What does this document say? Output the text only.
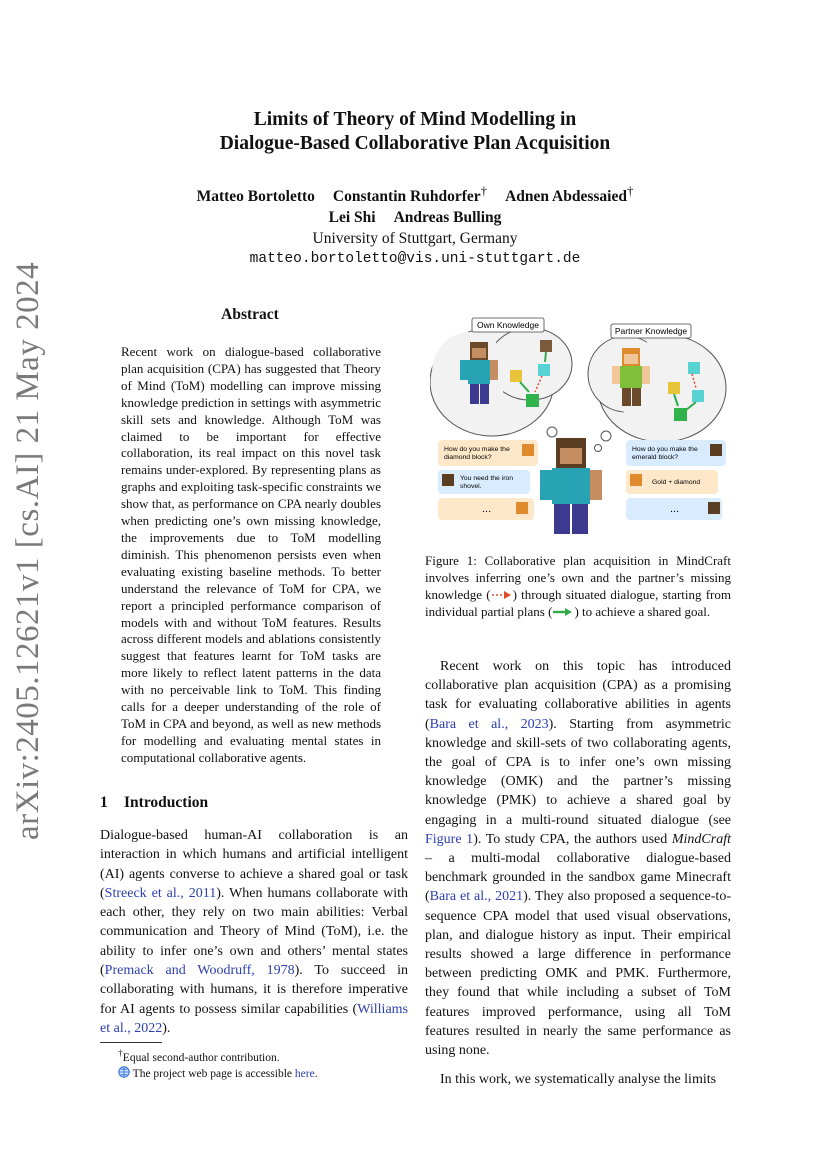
arXiv:2405.12621v1 [cs.AI] 21 May 2024
Limits of Theory of Mind Modelling in
Dialogue-Based Collaborative Plan Acquisition
Matteo Bortoletto Constantin Ruhdorfer† Adnen Abdessaied†
Lei Shi Andreas Bulling
University of Stuttgart, Germany
matteo.bortoletto@vis.uni-stuttgart.de
Abstract
Recent work on dialogue-based collaborative plan acquisition (CPA) has suggested that Theory of Mind (ToM) modelling can improve missing knowledge prediction in settings with asymmetric skill sets and knowledge. Although ToM was claimed to be important for effective collaboration, its real impact on this novel task remains under-explored. By representing plans as graphs and exploiting task-specific constraints we show that, as performance on CPA nearly doubles when predicting one’s own missing knowledge, the improvements due to ToM modelling diminish. This phenomenon persists even when evaluating existing baseline methods. To better understand the relevance of ToM for CPA, we report a principled performance comparison of models with and without ToM features. Results across different models and ablations consistently suggest that features learnt for ToM tasks are more likely to reflect latent patterns in the data with no perceivable link to ToM. This finding calls for a deeper understanding of the role of ToM in CPA and beyond, as well as new methods for modelling and evaluating mental states in computational collaborative agents.
1 Introduction
Dialogue-based human-AI collaboration is an interaction in which humans and artificial intelligent (AI) agents converse to achieve a shared goal or task (Streeck et al., 2011). When humans collaborate with each other, they rely on two main abilities: Verbal communication and Theory of Mind (ToM), i.e. the ability to infer one’s own and others’ mental states (Premack and Woodruff, 1978). To succeed in collaborating with humans, it is therefore imperative for AI agents to possess similar capabilities (Williams et al., 2022).
†Equal second-author contribution.
The project web page is accessible here.
Own Knowledge
Partner Knowledge
How do you make the diamond block?
You need the iron shovel.
...
How do you make the emerald block?
Gold + diamond
...
Figure 1: Collaborative plan acquisition in MindCraft involves inferring one’s own and the partner’s missing knowledge ( ) through situated dialogue, starting from individual partial plans ( ) to achieve a shared goal.

Recent work on this topic has introduced collaborative plan acquisition (CPA) as a promising task for evaluating collaborative abilities in agents (Bara et al., 2023). Starting from asymmetric knowledge and skill-sets of two collaborating agents, the goal of CPA is to infer one’s own missing knowledge (OMK) and the partner’s missing knowledge (PMK) to achieve a shared goal by engaging in a multi-round situated dialogue (see Figure 1). To study CPA, the authors used MindCraft – a multi-modal collaborative dialogue-based benchmark grounded in the sandbox game Minecraft (Bara et al., 2021). They also proposed a sequence-to-sequence CPA model that used visual observations, plan, and dialogue history as input. Their empirical results showed a large difference in performance between predicting OMK and PMK. Furthermore, they found that while including a subset of ToM features improved performance, using all ToM features resulted in nearly the same performance as using none.

In this work, we systematically analyse the limits
